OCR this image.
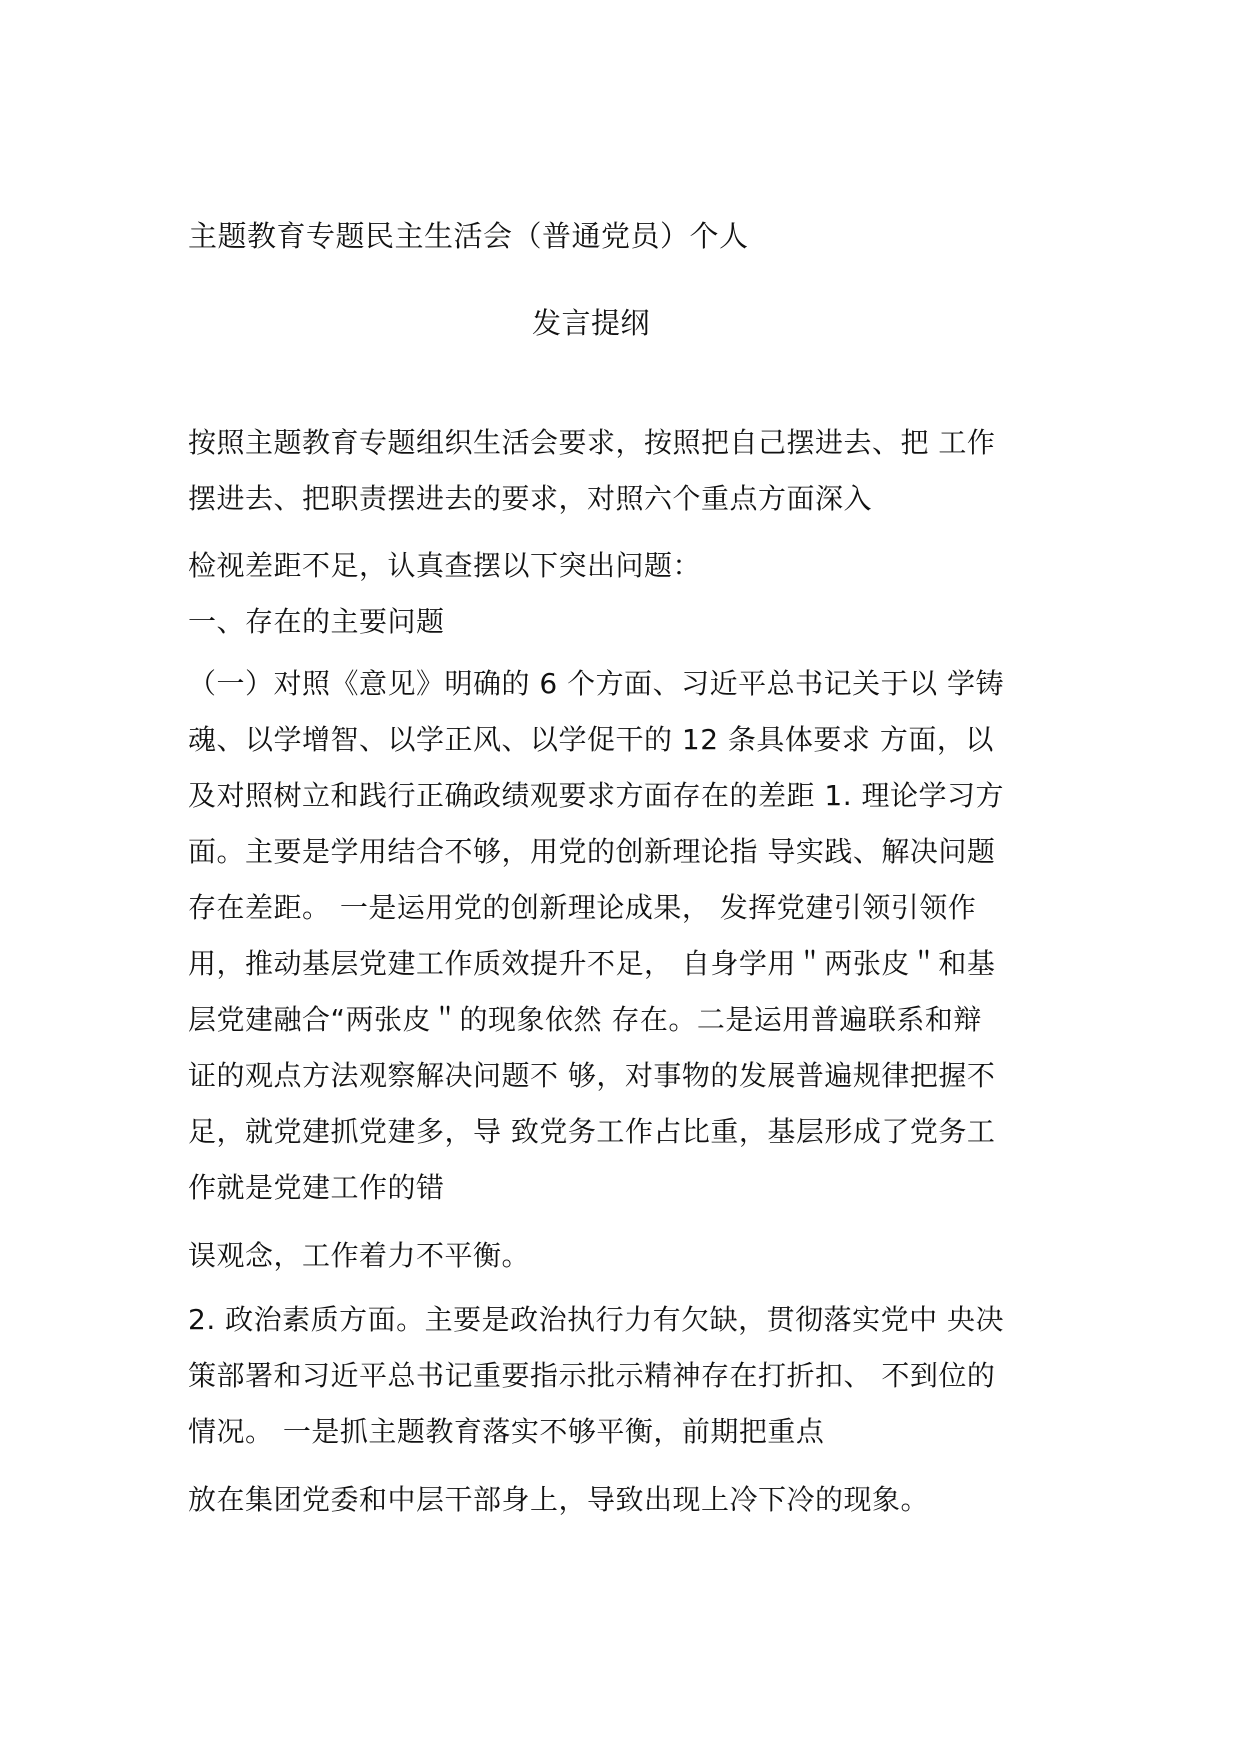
主题教育专题民主生活会（普通党员）个人
发言提纲
按照主题教育专题组织生活会要求，按照把自己摆进去、把 工作
摆进去、把职责摆进去的要求，对照六个重点方面深入
检视差距不足，认真查摆以下突出问题：
一、存在的主要问题
（一）对照《意见》明确的 6 个方面、习近平总书记关于以 学铸
魂、以学增智、以学正风、以学促干的 12 条具体要求 方面，以
及对照树立和践行正确政绩观要求方面存在的差距 1. 理论学习方
面。主要是学用结合不够，用党的创新理论指 导实践、解决问题
存在差距。 一是运用党的创新理论成果， 发挥党建引领引领作
用，推动基层党建工作质效提升不足， 自身学用＂两张皮＂和基
层党建融合“两张皮＂的现象依然 存在。二是运用普遍联系和辩
证的观点方法观察解决问题不 够，对事物的发展普遍规律把握不
足，就党建抓党建多，导 致党务工作占比重，基层形成了党务工
作就是党建工作的错
误观念，工作着力不平衡。
2. 政治素质方面。主要是政治执行力有欠缺，贯彻落实党中 央决
策部署和习近平总书记重要指示批示精神存在打折扣、 不到位的
情况。 一是抓主题教育落实不够平衡，前期把重点
放在集团党委和中层干部身上，导致出现上冷下冷的现象。
